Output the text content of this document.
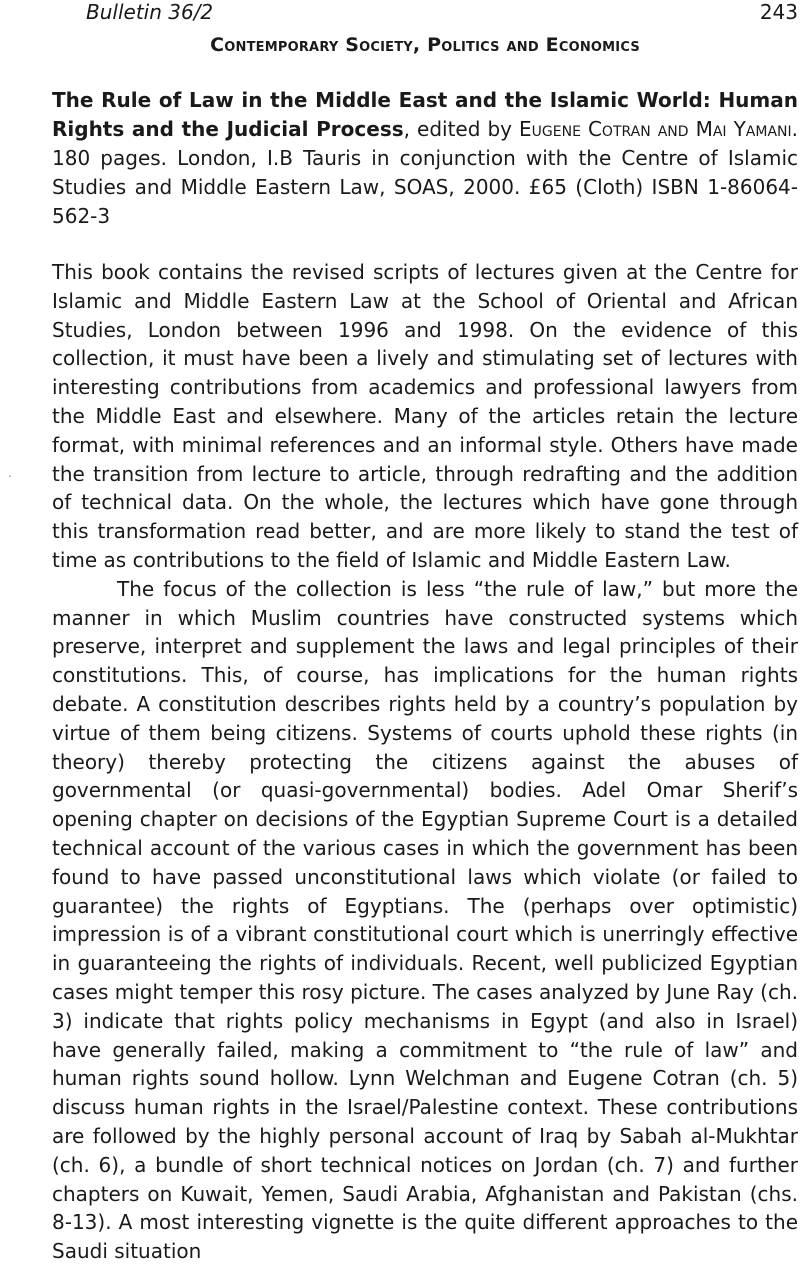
Bulletin 36/2	243
Contemporary Society, Politics and Economics
The Rule of Law in the Middle East and the Islamic World: Human Rights and the Judicial Process, edited by Eugene Cotran and Mai Yamani. 180 pages. London, I.B Tauris in conjunction with the Centre of Islamic Studies and Middle Eastern Law, SOAS, 2000. £65 (Cloth) ISBN 1-86064-562-3

This book contains the revised scripts of lectures given at the Centre for Islamic and Middle Eastern Law at the School of Oriental and African Studies, London between 1996 and 1998. On the evidence of this collection, it must have been a lively and stimulating set of lectures with interesting contributions from academics and professional lawyers from the Middle East and elsewhere. Many of the articles retain the lecture format, with minimal references and an informal style. Others have made the transition from lecture to article, through redrafting and the addition of technical data. On the whole, the lectures which have gone through this transformation read better, and are more likely to stand the test of time as contributions to the field of Islamic and Middle Eastern Law.

The focus of the collection is less “the rule of law,” but more the manner in which Muslim countries have constructed systems which preserve, interpret and supplement the laws and legal principles of their constitutions. This, of course, has implications for the human rights debate. A constitution describes rights held by a country’s population by virtue of them being citizens. Systems of courts uphold these rights (in theory) thereby protecting the citizens against the abuses of governmental (or quasi-governmental) bodies. Adel Omar Sherif’s opening chapter on decisions of the Egyptian Supreme Court is a detailed technical account of the various cases in which the government has been found to have passed unconstitutional laws which violate (or failed to guarantee) the rights of Egyptians. The (perhaps over optimistic) impression is of a vibrant constitutional court which is unerringly effective in guaranteeing the rights of individuals. Recent, well publicized Egyptian cases might temper this rosy picture. The cases analyzed by June Ray (ch. 3) indicate that rights policy mechanisms in Egypt (and also in Israel) have generally failed, making a commitment to “the rule of law” and human rights sound hollow. Lynn Welchman and Eugene Cotran (ch. 5) discuss human rights in the Israel/Palestine context. These contributions are followed by the highly personal account of Iraq by Sabah al-Mukhtar (ch. 6), a bundle of short technical notices on Jordan (ch. 7) and further chapters on Kuwait, Yemen, Saudi Arabia, Afghanistan and Pakistan (chs. 8-13). A most interesting vignette is the quite different approaches to the Saudi situation

.
